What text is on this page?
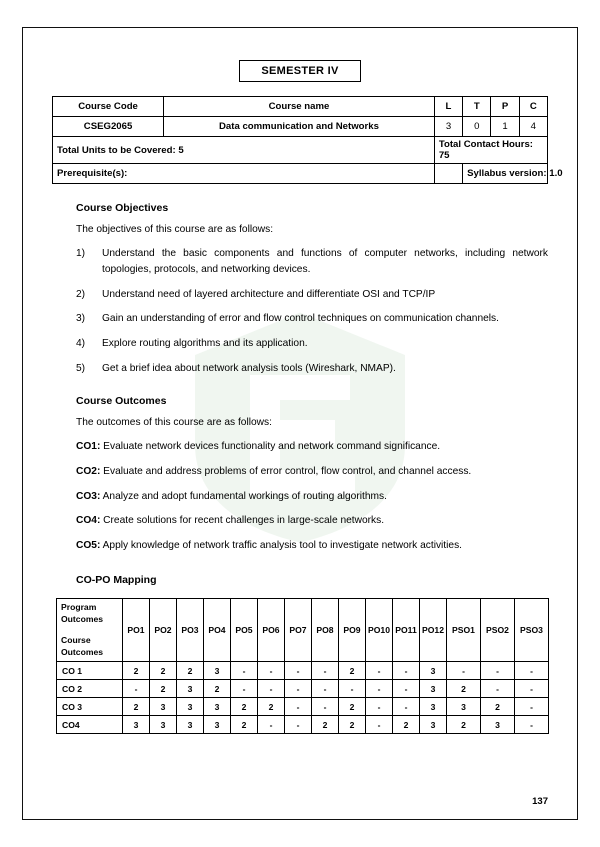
SEMESTER IV
Course Code	Course name	L	T	P	C
CSEG2065	Data communication and Networks	3	0	1	4
Total Units to be Covered: 5		Total Contact Hours: 75			
Prerequisite(s):			Syllabus version: 1.0		
Course Objectives
The objectives of this course are as follows:
1) Understand the basic components and functions of computer networks, including network topologies, protocols, and networking devices.
2) Understand need of layered architecture and differentiate OSI and TCP/IP
3) Gain an understanding of error and flow control techniques on communication channels.
4) Explore routing algorithms and its application.
5) Get a brief idea about network analysis tools (Wireshark, NMAP).
Course Outcomes
The outcomes of this course are as follows:
CO1: Evaluate network devices functionality and network command significance.
CO2: Evaluate and address problems of error control, flow control, and channel access.
CO3: Analyze and adopt fundamental workings of routing algorithms.
CO4: Create solutions for recent challenges in large-scale networks.
CO5: Apply knowledge of network traffic analysis tool to investigate network activities.
CO-PO Mapping
Program Outcomes
Course Outcomes	PO1	PO2	PO3	PO4	PO5	PO6	PO7	PO8	PO9	PO10	PO11	PO12	PSO1	PSO2	PSO3
CO 1	2	2	2	3	-	-	-	-	2	-	-	3	-	-	-
CO 2	-	2	3	2	-	-	-	-	-	-	-	3	2	-	-
CO 3	2	3	3	3	2	2	-	-	2	-	-	3	3	2	-
CO4	3	3	3	3	2	-	-	2	2	-	2	3	2	3	-
137
